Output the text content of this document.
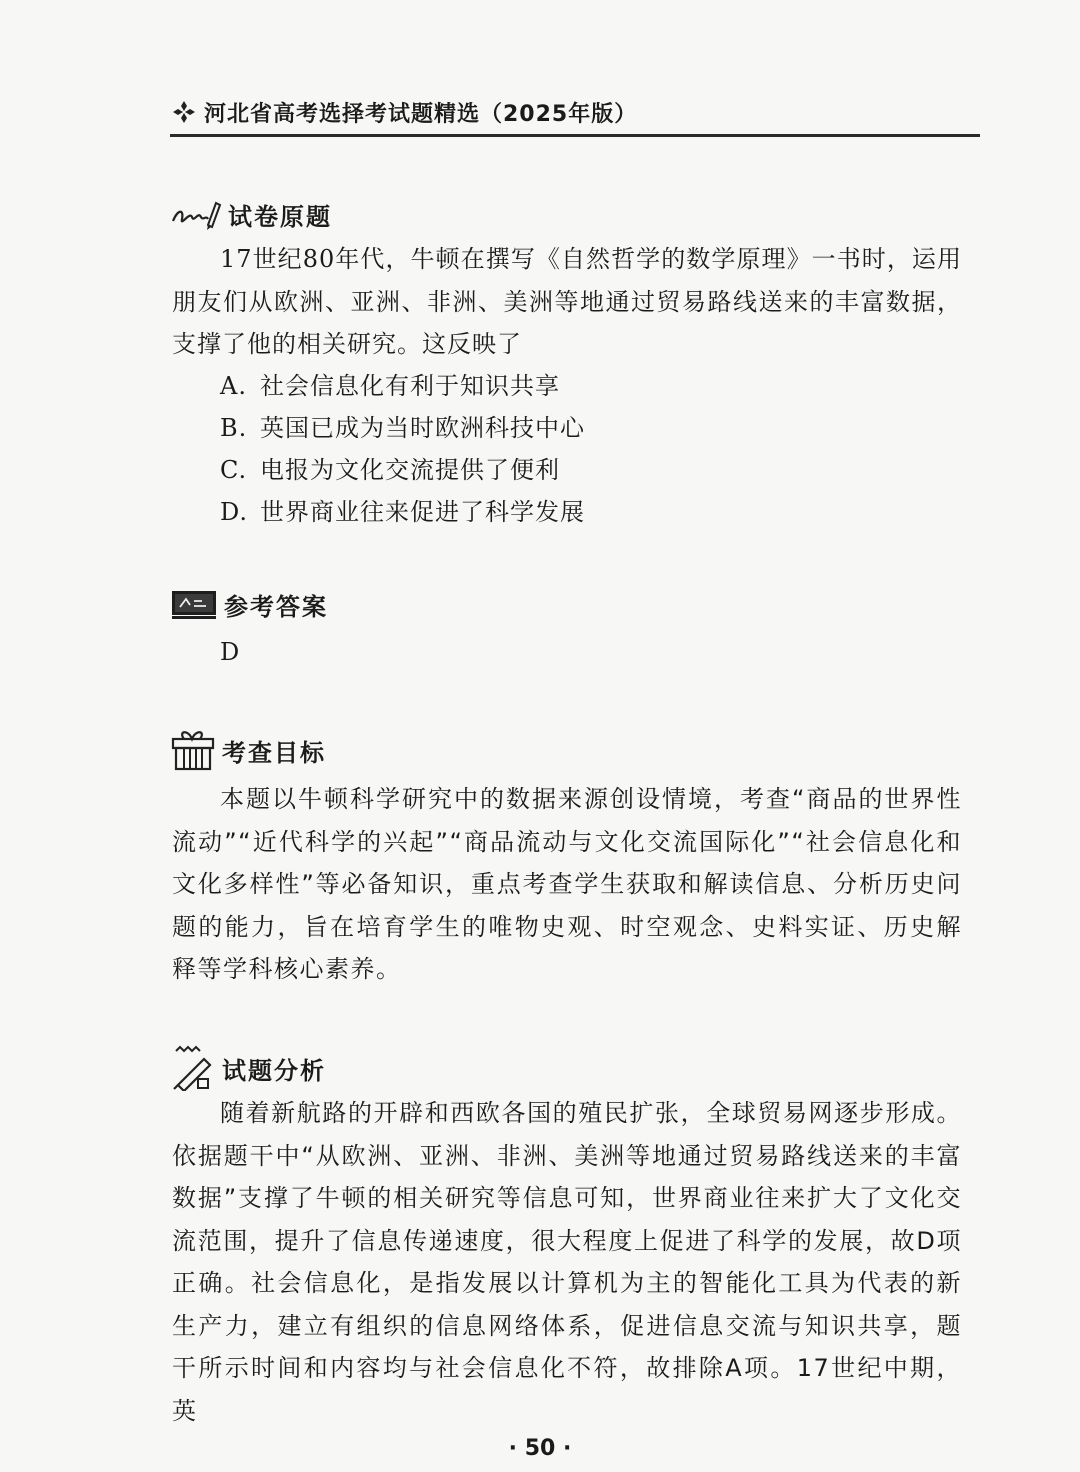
河北省高考选择考试题精选（2025年版）
试卷原题

17世纪80年代，牛顿在撰写《自然哲学的数学原理》一书时，运用朋友们从欧洲、亚洲、非洲、美洲等地通过贸易路线送来的丰富数据，支撑了他的相关研究。这反映了

A. 社会信息化有利于知识共享
B. 英国已成为当时欧洲科技中心
C. 电报为文化交流提供了便利
D. 世界商业往来促进了科学发展
参考答案
D
考查目标

本题以牛顿科学研究中的数据来源创设情境，考查“商品的世界性流动”“近代科学的兴起”“商品流动与文化交流国际化”“社会信息化和文化多样性”等必备知识，重点考查学生获取和解读信息、分析历史问题的能力，旨在培育学生的唯物史观、时空观念、史料实证、历史解释等学科核心素养。

试题分析

随着新航路的开辟和西欧各国的殖民扩张，全球贸易网逐步形成。依据题干中“从欧洲、亚洲、非洲、美洲等地通过贸易路线送来的丰富数据”支撑了牛顿的相关研究等信息可知，世界商业往来扩大了文化交流范围，提升了信息传递速度，很大程度上促进了科学的发展，故D项正确。社会信息化，是指发展以计算机为主的智能化工具为代表的新生产力，建立有组织的信息网络体系，促进信息交流与知识共享，题干所示时间和内容均与社会信息化不符，故排除A项。17世纪中期，英

· 50 ·
